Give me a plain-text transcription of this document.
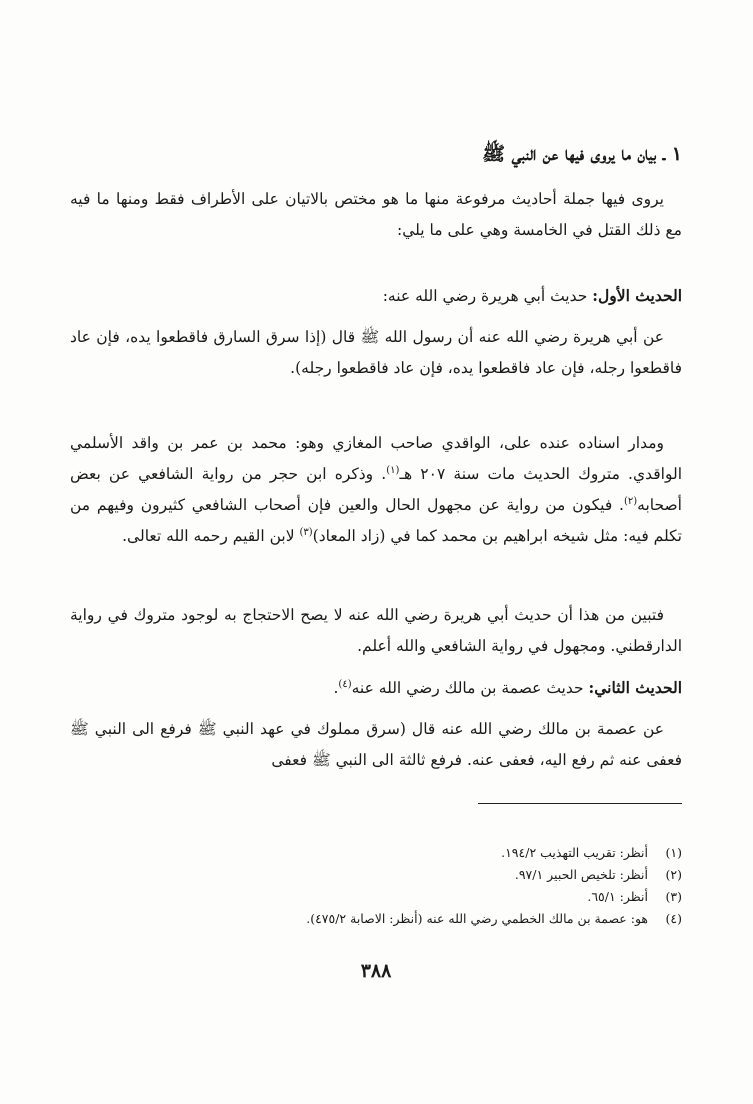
١ ـ بيان ما يروى فيها عن النبي ﷺ
يروى فيها جملة أحاديث مرفوعة منها ما هو مختص بالاتيان على الأطراف فقط ومنها ما فيه مع ذلك القتل في الخامسة وهي على ما يلي:
الحديث الأول: حديث أبي هريرة رضي الله عنه:
عن أبي هريرة رضي الله عنه أن رسول الله ﷺ قال (إذا سرق السارق فاقطعوا يده، فإن عاد فاقطعوا رجله، فإن عاد فاقطعوا يده، فإن عاد فاقطعوا رجله).
ومدار اسناده عنده على، الواقدي صاحب المغازي وهو: محمد بن عمر بن واقد الأسلمي الواقدي. متروك الحديث مات سنة ٢٠٧ هـ$^{(١)}$. وذكره ابن حجر من رواية الشافعي عن بعض أصحابه$^{(٢)}$. فيكون من رواية عن مجهول الحال والعين فإن أصحاب الشافعي كثيرون وفيهم من تكلم فيه: مثل شيخه ابراهيم بن محمد كما في (زاد المعاد)$^{(٣)}$ لابن القيم رحمه الله تعالى.
فتبين من هذا أن حديث أبي هريرة رضي الله عنه لا يصح الاحتجاج به لوجود متروك في رواية الدارقطني. ومجهول في رواية الشافعي والله أعلم.
الحديث الثاني: حديث عصمة بن مالك رضي الله عنه$^{(٤)}$.
عن عصمة بن مالك رضي الله عنه قال (سرق مملوك في عهد النبي ﷺ فرفع الى النبي ﷺ فعفى عنه ثم رفع اليه، فعفى عنه. فرفع ثالثة الى النبي ﷺ فعفى
(١)أنظر: تقريب التهذيب ١٩٤/٢.
(٢)أنظر: تلخيص الحبير ٩٧/١.
(٣)أنظر: ٦٥/١.
(٤)هو: عصمة بن مالك الخطمي رضي الله عنه (أنظر: الاصابة ٤٧٥/٢).
٣٨٨
